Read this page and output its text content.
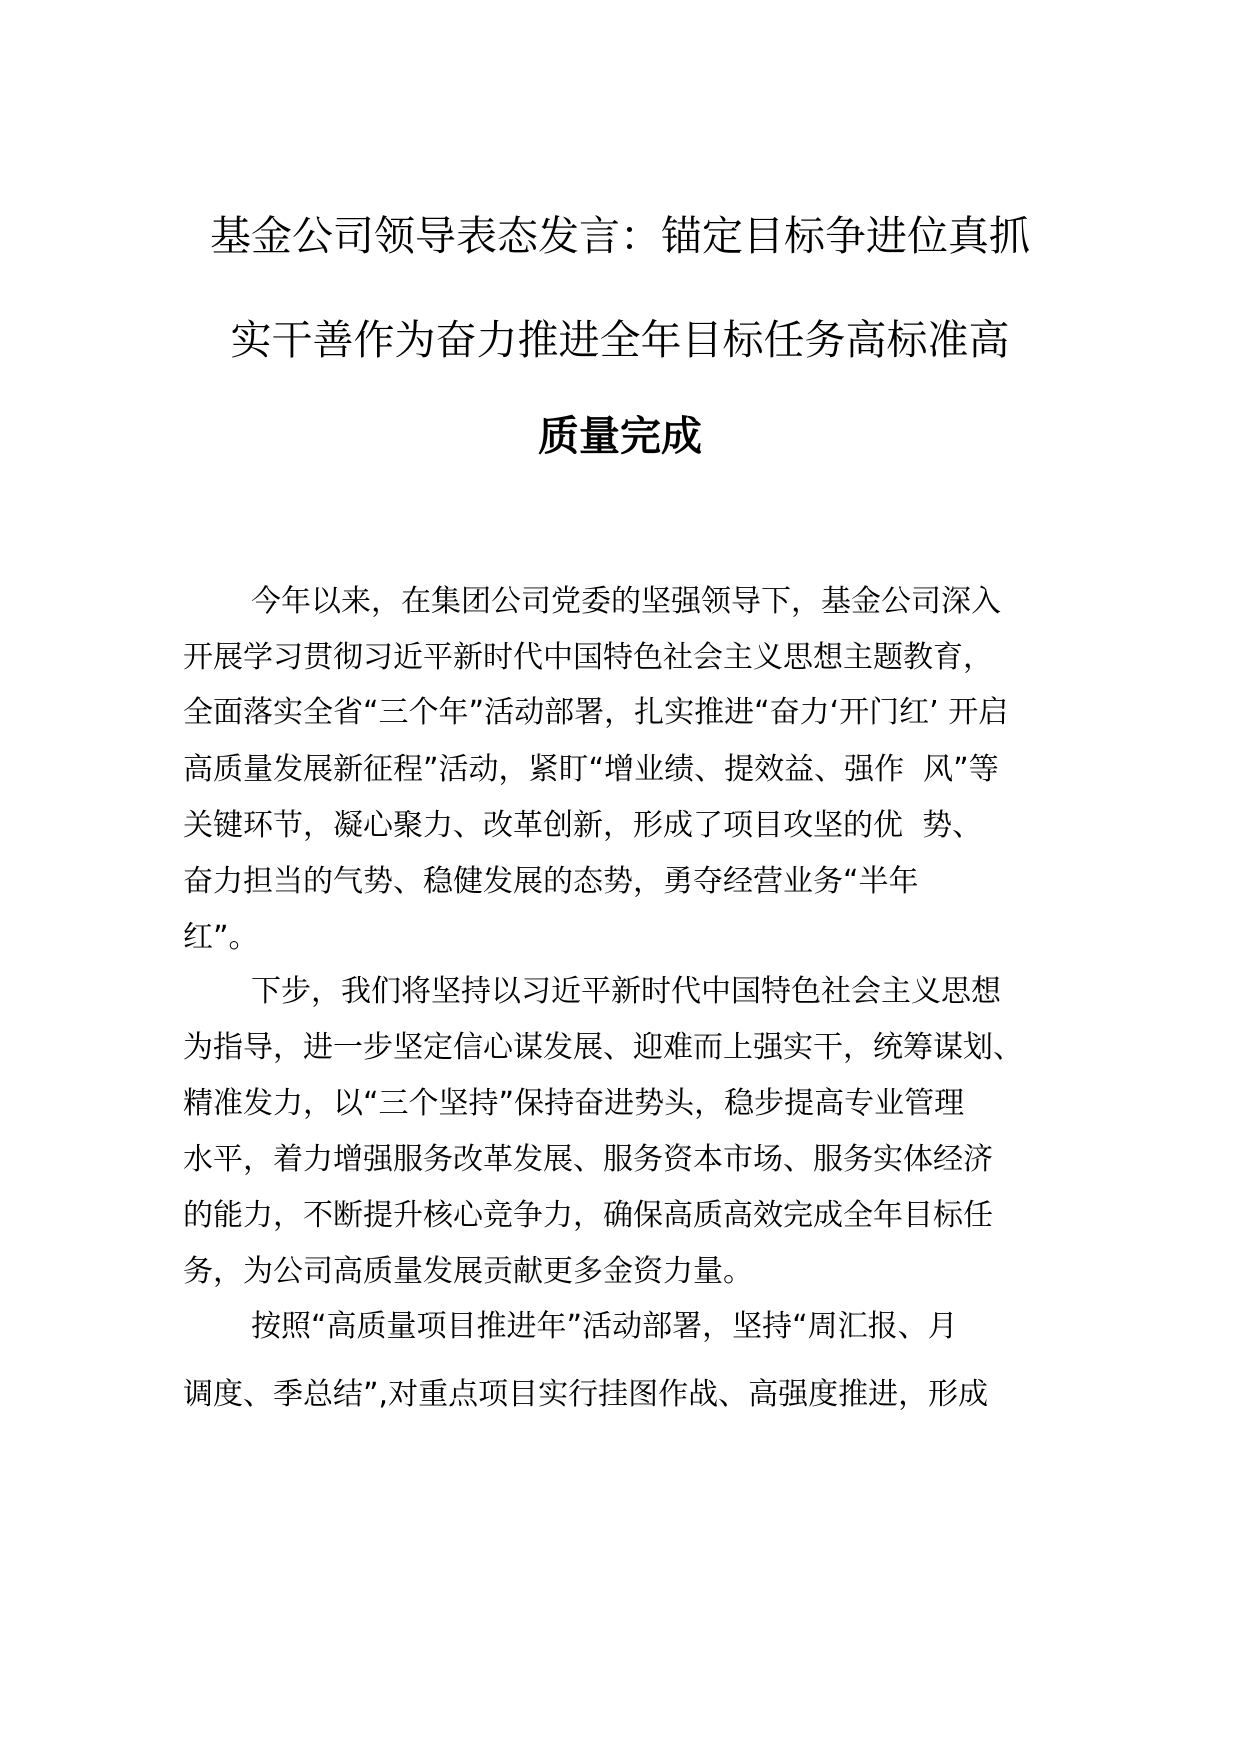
基金公司领导表态发言：锚定目标争进位真抓
实干善作为奋力推进全年目标任务高标准高
质量完成
今年以来，在集团公司党委的坚强领导下，基金公司深入
开展学习贯彻习近平新时代中国特色社会主义思想主题教育，
全面落实全省“三个年”活动部署，扎实推进“奋力‘开门红’ 开启
高质量发展新征程”活动，紧盯“增业绩、提效益、强作  风”等
关键环节，凝心聚力、改革创新，形成了项目攻坚的优  势、
奋力担当的气势、稳健发展的态势，勇夺经营业务“半年
红”。
下步，我们将坚持以习近平新时代中国特色社会主义思想
为指导，进一步坚定信心谋发展、迎难而上强实干，统筹谋划、
精准发力，以“三个坚持”保持奋进势头，稳步提高专业管理
水平，着力增强服务改革发展、服务资本市场、服务实体经济
的能力，不断提升核心竞争力，确保高质高效完成全年目标任
务，为公司高质量发展贡献更多金资力量。
按照“高质量项目推进年”活动部署，坚持“周汇报、月
调度、季总结”,对重点项目实行挂图作战、高强度推进，形成
